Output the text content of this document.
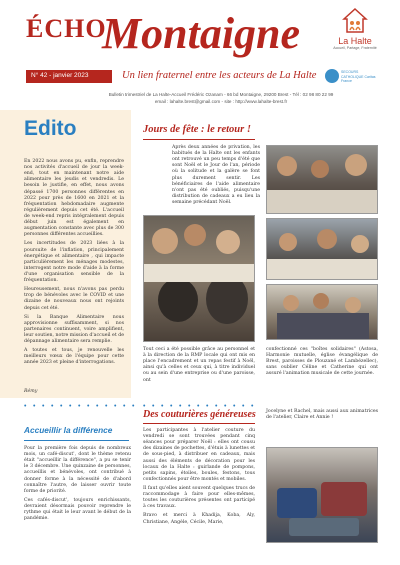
ÉCHO
Montaigne	La Halte
Accueil, Partage, Fraternité
N° 42 - janvier 2023	Un lien fraternel entre les acteurs de La Halte	SECOURS CATHOLIQUE Caritas France
Bulletin trimestriel de La Halte-Accueil Frédéric Ozanam - 66 bd Montaigne, 29200 Brest - Tél : 02 98 80 22 99
email : lahalte.brest@gmail.com - site : http://www.lahalte-brest.fr
Edito

En 2022 nous avons pu, enfin, reprendre nos activités d'accueil de jour la week-end, tout en maintenant notre aide alimentaire les jeudis et vendredis. Le besoin le justifie, en effet, nous avons dépassé 1700 personnes différentes en 2022 pour près de 1600 en 2021 et la fréquentation hebdomadaire augmente régulièrement depuis cet été. L'accueil de week-end repris intégralement depuis début juin est également en augmentation constante avec plus de 300 personnes différentes accueillies.

Les incertitudes de 2023 liées à la poursuite de l'inflation, principalement énergétique et alimentaire , qui impacte particulièrement les ménages modestes, interrogent notre mode d'aide à la forme d'une organisation sensible de la fréquentation.

Heureusement, nous n'avons pas perdu trop de bénévoles avec le COVID et une dizaine de nouveaux nous ont rejoints depuis cet été.

Si la Banque Alimentaire nous approvisionne suffisamment, si nos partenaires continuent, voire amplifient, leur soutien, notre mission d'accueil et de dépannage alimentaire sera remplie.

A toutes et tous, je renouvelle les meilleurs vœux de l'équipe pour cette année 2023 et pleine d'interrogations.

Rémy
Jours de fête : le retour !
Après deux années de privation, les habitués de la Halte ont les enfants ont retrouvé un peu temps d'été que sont Noël et le Jour de l'an, période où la solitude et la galère se font plus durement sentir. Les bénéficiaires de l'aide alimentaire n'ont pas été oubliés, puisqu'une distribution de cadeaux a eu lieu la semaine précédant Noël.
Tout ceci a été possible grâce au personnel et à la direction de la RMP locale qui ont mis en place l'encadrement et un repas festif à Noël, ainsi qu'à celles et ceux qui, à titre individuel ou au sein d'une entreprise ou d'une paroisse, ont
confectionné ces "boîtes solidaires" (Astosa, Harmonie mutuelle, église évangélique de Brest, paroisses de Plouzané et Lambézellec), sans oublier Céline et Catherine qui ont assuré l'animation musicale de cette journée.
• • • • • • • • • • • • • • • • • • • • • • • • • •
Accueillir la différence

Pour la première fois depuis de nombreux mois, un café-discut', dont le thème retenu était "accueillir la différence", a pu se tenir le 3 décembre. Une quinzaine de personnes, accueillis et bénévoles, ont contribué à donner forme à la nécessité de d'abord connaître l'autre, de laisser ouvrir toute forme de priorité.

Ces cafés-discut', toujours enrichissants, devraient désormais pouvoir reprendre le rythme qui était le leur avant le début de la pandémie.

Des couturières généreuses

Les participantes à l'atelier couture du vendredi se sont trouvées pendant cinq séances pour préparer Noël : elles ont cousu des dizaines de pochettes, d'étuis à lunettes et de sous-pied, à distribuer en cadeaux, mais aussi des éléments de décoration pour les locaux de la Halte : guirlande de pompons, petits sapins, étoiles, boules, festons, tous confectionnés pour être montés et mobiles.

Il faut qu'elles aient souvent quelques trucs de raccommodage à faire pour elles-mêmes, toutes les couturières présentes ont participé à ces travaux.

Bravo et merci à Khadija, Koba, Aly, Christiane, Angèle, Cécile, Marie,

Jocelyne et Rachel, mais aussi aux animatrices de l'atelier, Claire et Annie !
